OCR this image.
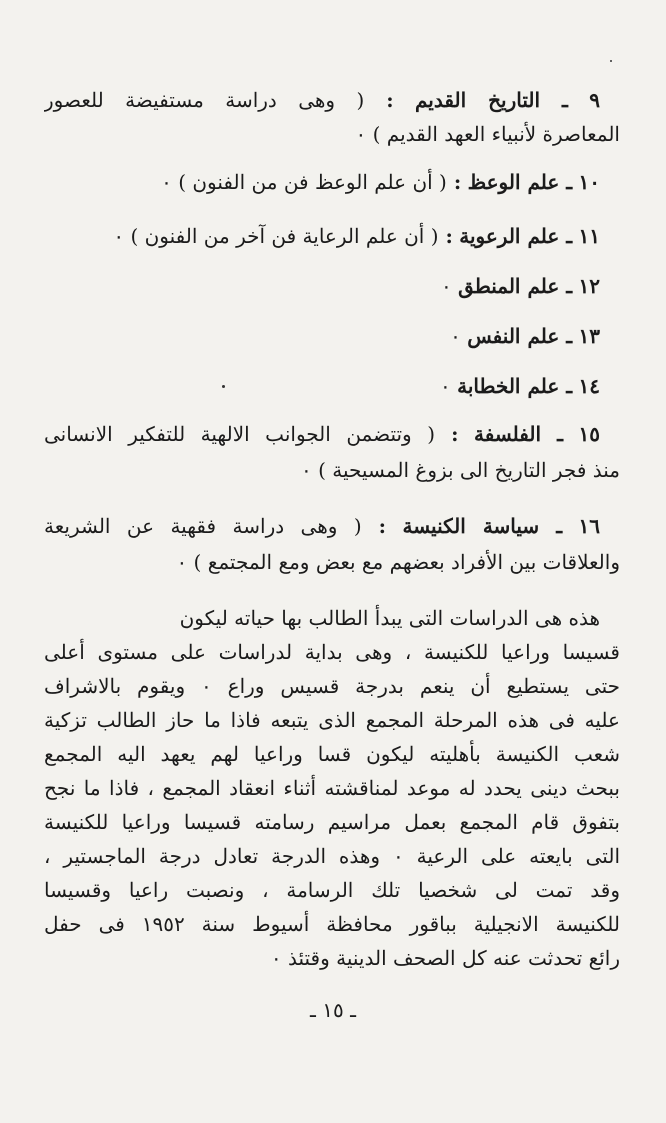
٩ ـ التاريخ القديم : ( وهى دراسة مستفيضة للعصور
المعاصرة لأنبياء العهد القديم ) ٠
١٠ ـ علم الوعظ : ( أن علم الوعظ فن من الفنون ) ٠
١١ ـ علم الرعوية : ( أن علم الرعاية فن آخر من الفنون ) ٠
١٢ ـ علم المنطق ٠
١٣ ـ علم النفس ٠
١٤ ـ علم الخطابة ٠
١٥ ـ الفلسفة : ( وتتضمن الجوانب الالهية للتفكير الانسانى
منذ فجر التاريخ الى بزوغ المسيحية ) ٠
١٦ ـ سياسة الكنيسة : ( وهى دراسة فقهية عن الشريعة
والعلاقات بين الأفراد بعضهم مع بعض ومع المجتمع ) ٠
هذه هى الدراسات التى يبدأ الطالب بها حياته ليكون
قسيسا وراعيا للكنيسة ، وهى بداية لدراسات على مستوى أعلى
حتى يستطيع أن ينعم بدرجة قسيس وراع ٠ ويقوم بالاشراف
عليه فى هذه المرحلة المجمع الذى يتبعه فاذا ما حاز الطالب تزكية
شعب الكنيسة بأهليته ليكون قسا وراعيا لهم يعهد اليه المجمع
ببحث دينى يحدد له موعد لمناقشته أثناء انعقاد المجمع ، فاذا ما نجح
بتفوق قام المجمع بعمل مراسيم رسامته قسيسا وراعيا للكنيسة
التى بايعته على الرعية ٠ وهذه الدرجة تعادل درجة الماجستير ،
وقد تمت لى شخصيا تلك الرسامة ، ونصبت راعيا وقسيسا
للكنيسة الانجيلية بباقور محافظة أسيوط سنة ١٩٥٢ فى حفل
رائع تحدثت عنه كل الصحف الدينية وقتئذ ٠
ـ ١٥ ـ
